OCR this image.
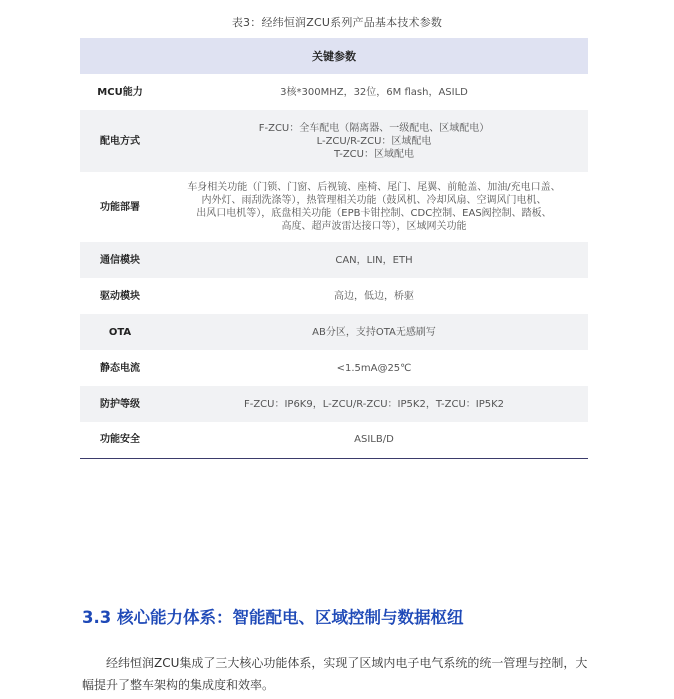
表3：经纬恒润ZCU系列产品基本技术参数
关键参数	
MCU能力	3核*300MHZ，32位，6M flash，ASILD

配电方式	F-ZCU：全车配电（隔离器、一级配电、区域配电）
L-ZCU/R-ZCU：区域配电
T-ZCU：区域配电

功能部署	车身相关功能（门锁、门窗、后视镜、座椅、尾门、尾翼、前舱盖、加油/充电口盖、
内外灯、雨刮洗涤等），热管理相关功能（鼓风机、冷却风扇、空调风门电机、
出风口电机等），底盘相关功能（EPB卡钳控制、CDC控制、EAS阀控制、踏板、
高度、超声波雷达接口等），区域网关功能

通信模块	CAN，LIN，ETH

驱动模块	高边，低边，桥驱

OTA	AB分区，支持OTA无感刷写

静态电流	<1.5mA@25℃

防护等级	F-ZCU：IP6K9，L-ZCU/R-ZCU：IP5K2，T-ZCU：IP5K2

功能安全	ASILB/D
3.3 核心能力体系：智能配电、区域控制与数据枢纽

经纬恒润ZCU集成了三大核心功能体系，实现了区域内电子电气系统的统一管理与控制，大幅提升了整车架构的集成度和效率。
